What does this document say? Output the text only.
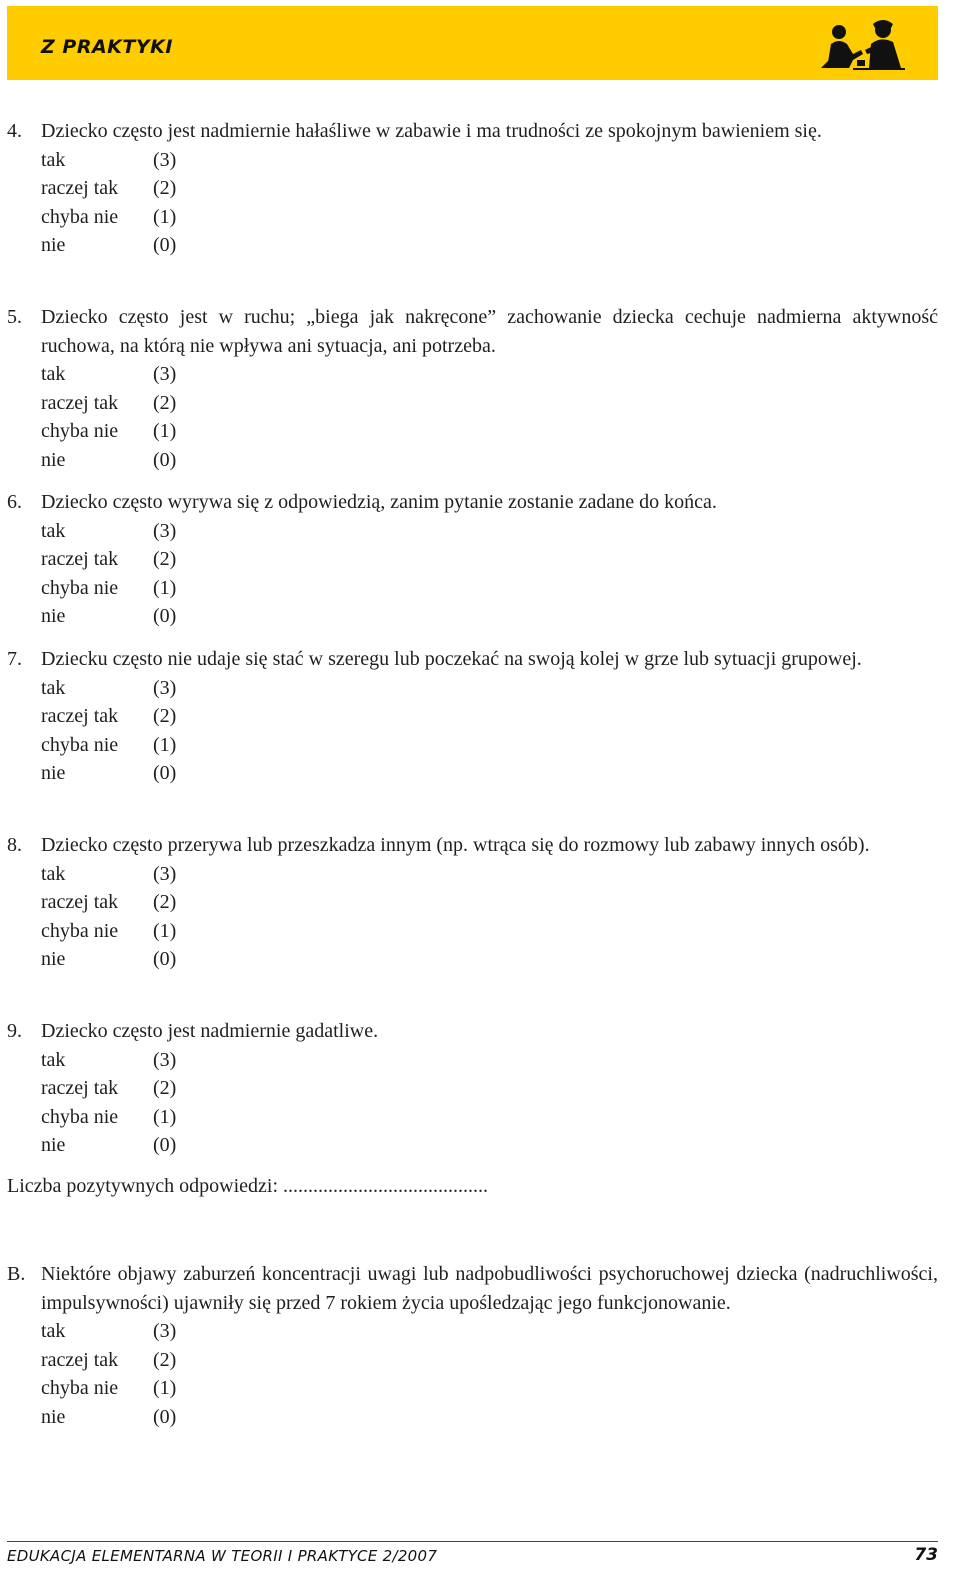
Z PRAKTYKI
4. Dziecko często jest nadmiernie hałaśliwe w zabawie i ma trudności ze spokojnym bawieniem się.
tak	(3)
raczej tak (2)
chyba nie (1)
nie	(0)
5. Dziecko często jest w ruchu; „biega jak nakręcone” zachowanie dziecka cechuje nadmierna aktywność ruchowa, na którą nie wpływa ani sytuacja, ani potrzeba.
tak	(3)
raczej tak (2)
chyba nie (1)
nie	(0)
6. Dziecko często wyrywa się z odpowiedzią, zanim pytanie zostanie zadane do końca.
tak	(3)
raczej tak (2)
chyba nie (1)
nie	(0)
7. Dziecku często nie udaje się stać w szeregu lub poczekać na swoją kolej w grze lub sytuacji grupowej.
tak	(3)
raczej tak (2)
chyba nie (1)
nie	(0)
8. Dziecko często przerywa lub przeszkadza innym (np. wtrąca się do rozmowy lub zabawy innych osób).
tak	(3)
raczej tak (2)
chyba nie (1)
nie	(0)
9. Dziecko często jest nadmiernie gadatliwe.
tak	(3)
raczej tak (2)
chyba nie (1)
nie	(0)
Liczba pozytywnych odpowiedzi: .........................................
B. Niektóre objawy zaburzeń koncentracji uwagi lub nadpobudliwości psychoruchowej dziecka (nadruchliwości, impulsywności) ujawniły się przed 7 rokiem życia upośledzając jego funkcjonowanie.
tak	(3)
raczej tak (2)
chyba nie (1)
nie	(0)
EDUKACJA ELEMENTARNA W TEORII I PRAKTYCE 2/2007	73
